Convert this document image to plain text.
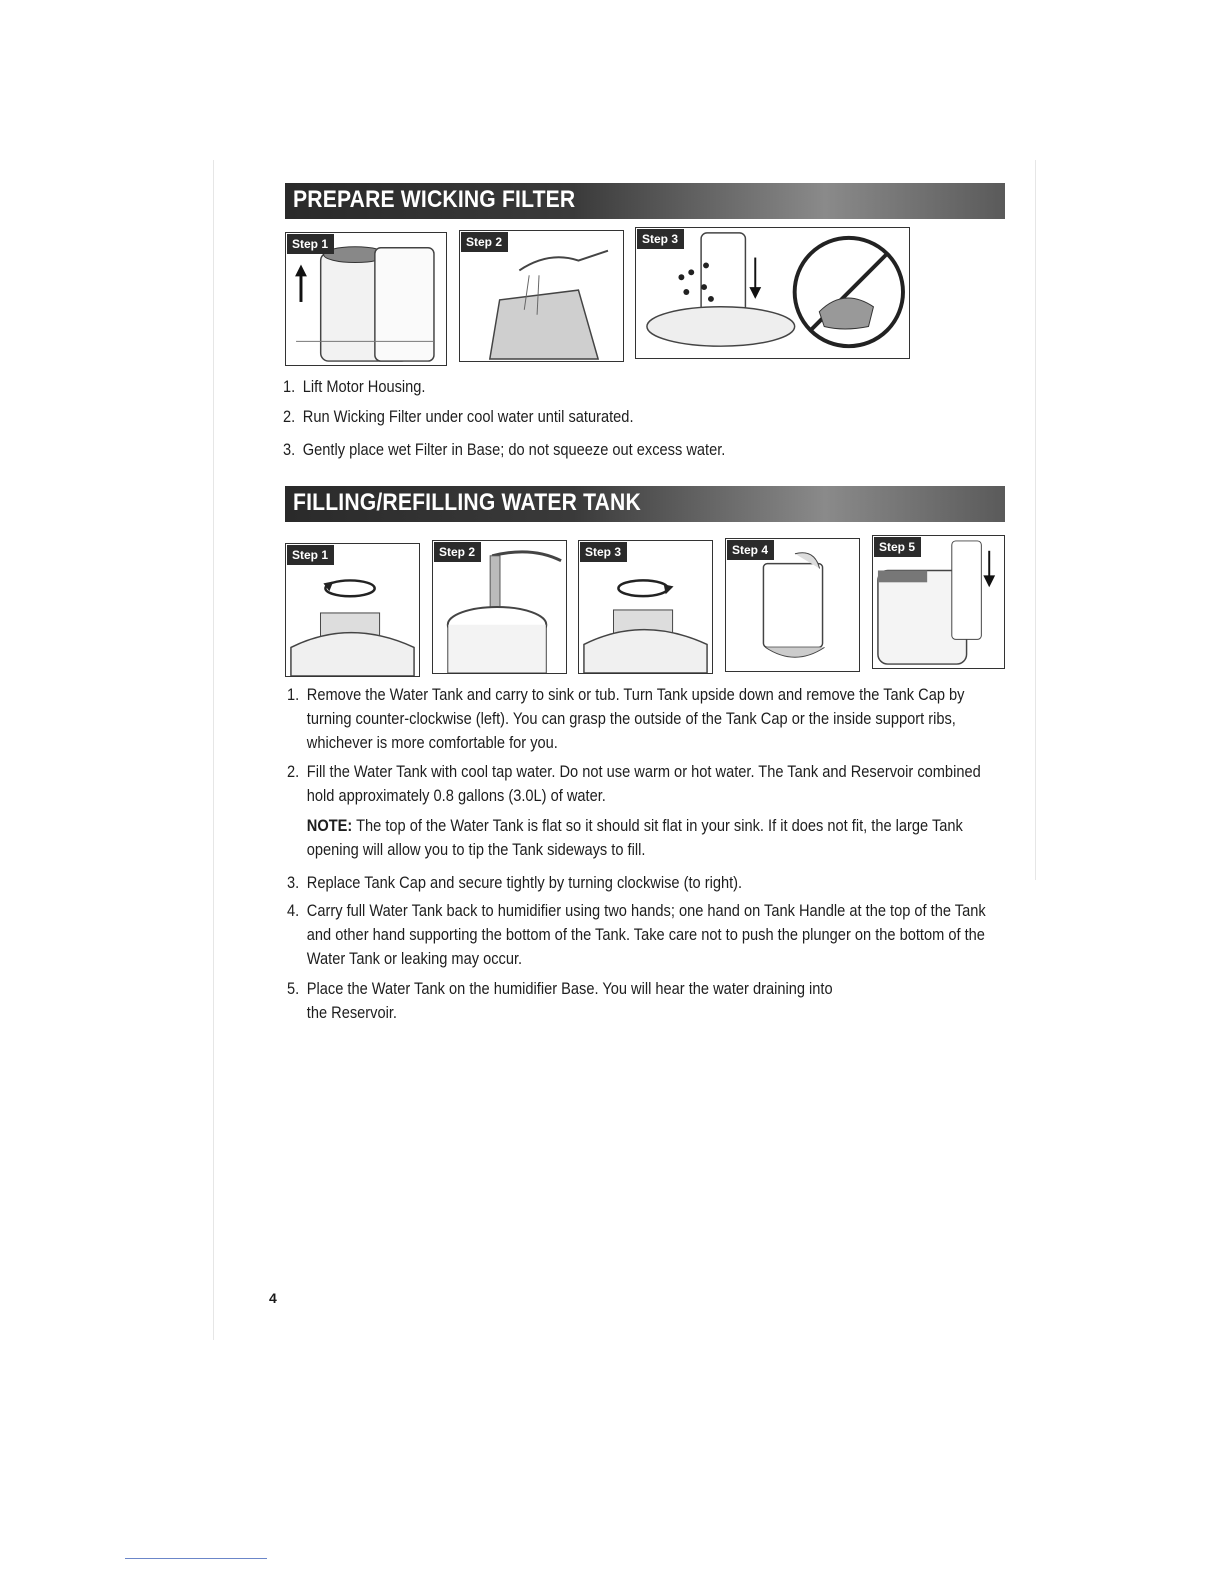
PREPARE WICKING FILTER
Step 1	Step 2	Step 3
1. Lift Motor Housing.
2. Run Wicking Filter under cool water until saturated.
3. Gently place wet Filter in Base; do not squeeze out excess water.
FILLING/REFILLING WATER TANK
Step 1	Step 2	Step 3	Step 4	Step 5
1. Remove the Water Tank and carry to sink or tub. Turn Tank upside down and remove the Tank Cap by turning counter-clockwise (left). You can grasp the outside of the Tank Cap or the inside support ribs, whichever is more comfortable for you.
2. Fill the Water Tank with cool tap water. Do not use warm or hot water. The Tank and Reservoir combined hold approximately 0.8 gallons (3.0L) of water.
NOTE: The top of the Water Tank is flat so it should sit flat in your sink. If it does not fit, the large Tank opening will allow you to tip the Tank sideways to fill.
3. Replace Tank Cap and secure tightly by turning clockwise (to right).
4. Carry full Water Tank back to humidifier using two hands; one hand on Tank Handle at the top of the Tank and other hand supporting the bottom of the Tank. Take care not to push the plunger on the bottom of the Water Tank or leaking may occur.
5. Place the Water Tank on the humidifier Base. You will hear the water draining into the Reservoir.
4
